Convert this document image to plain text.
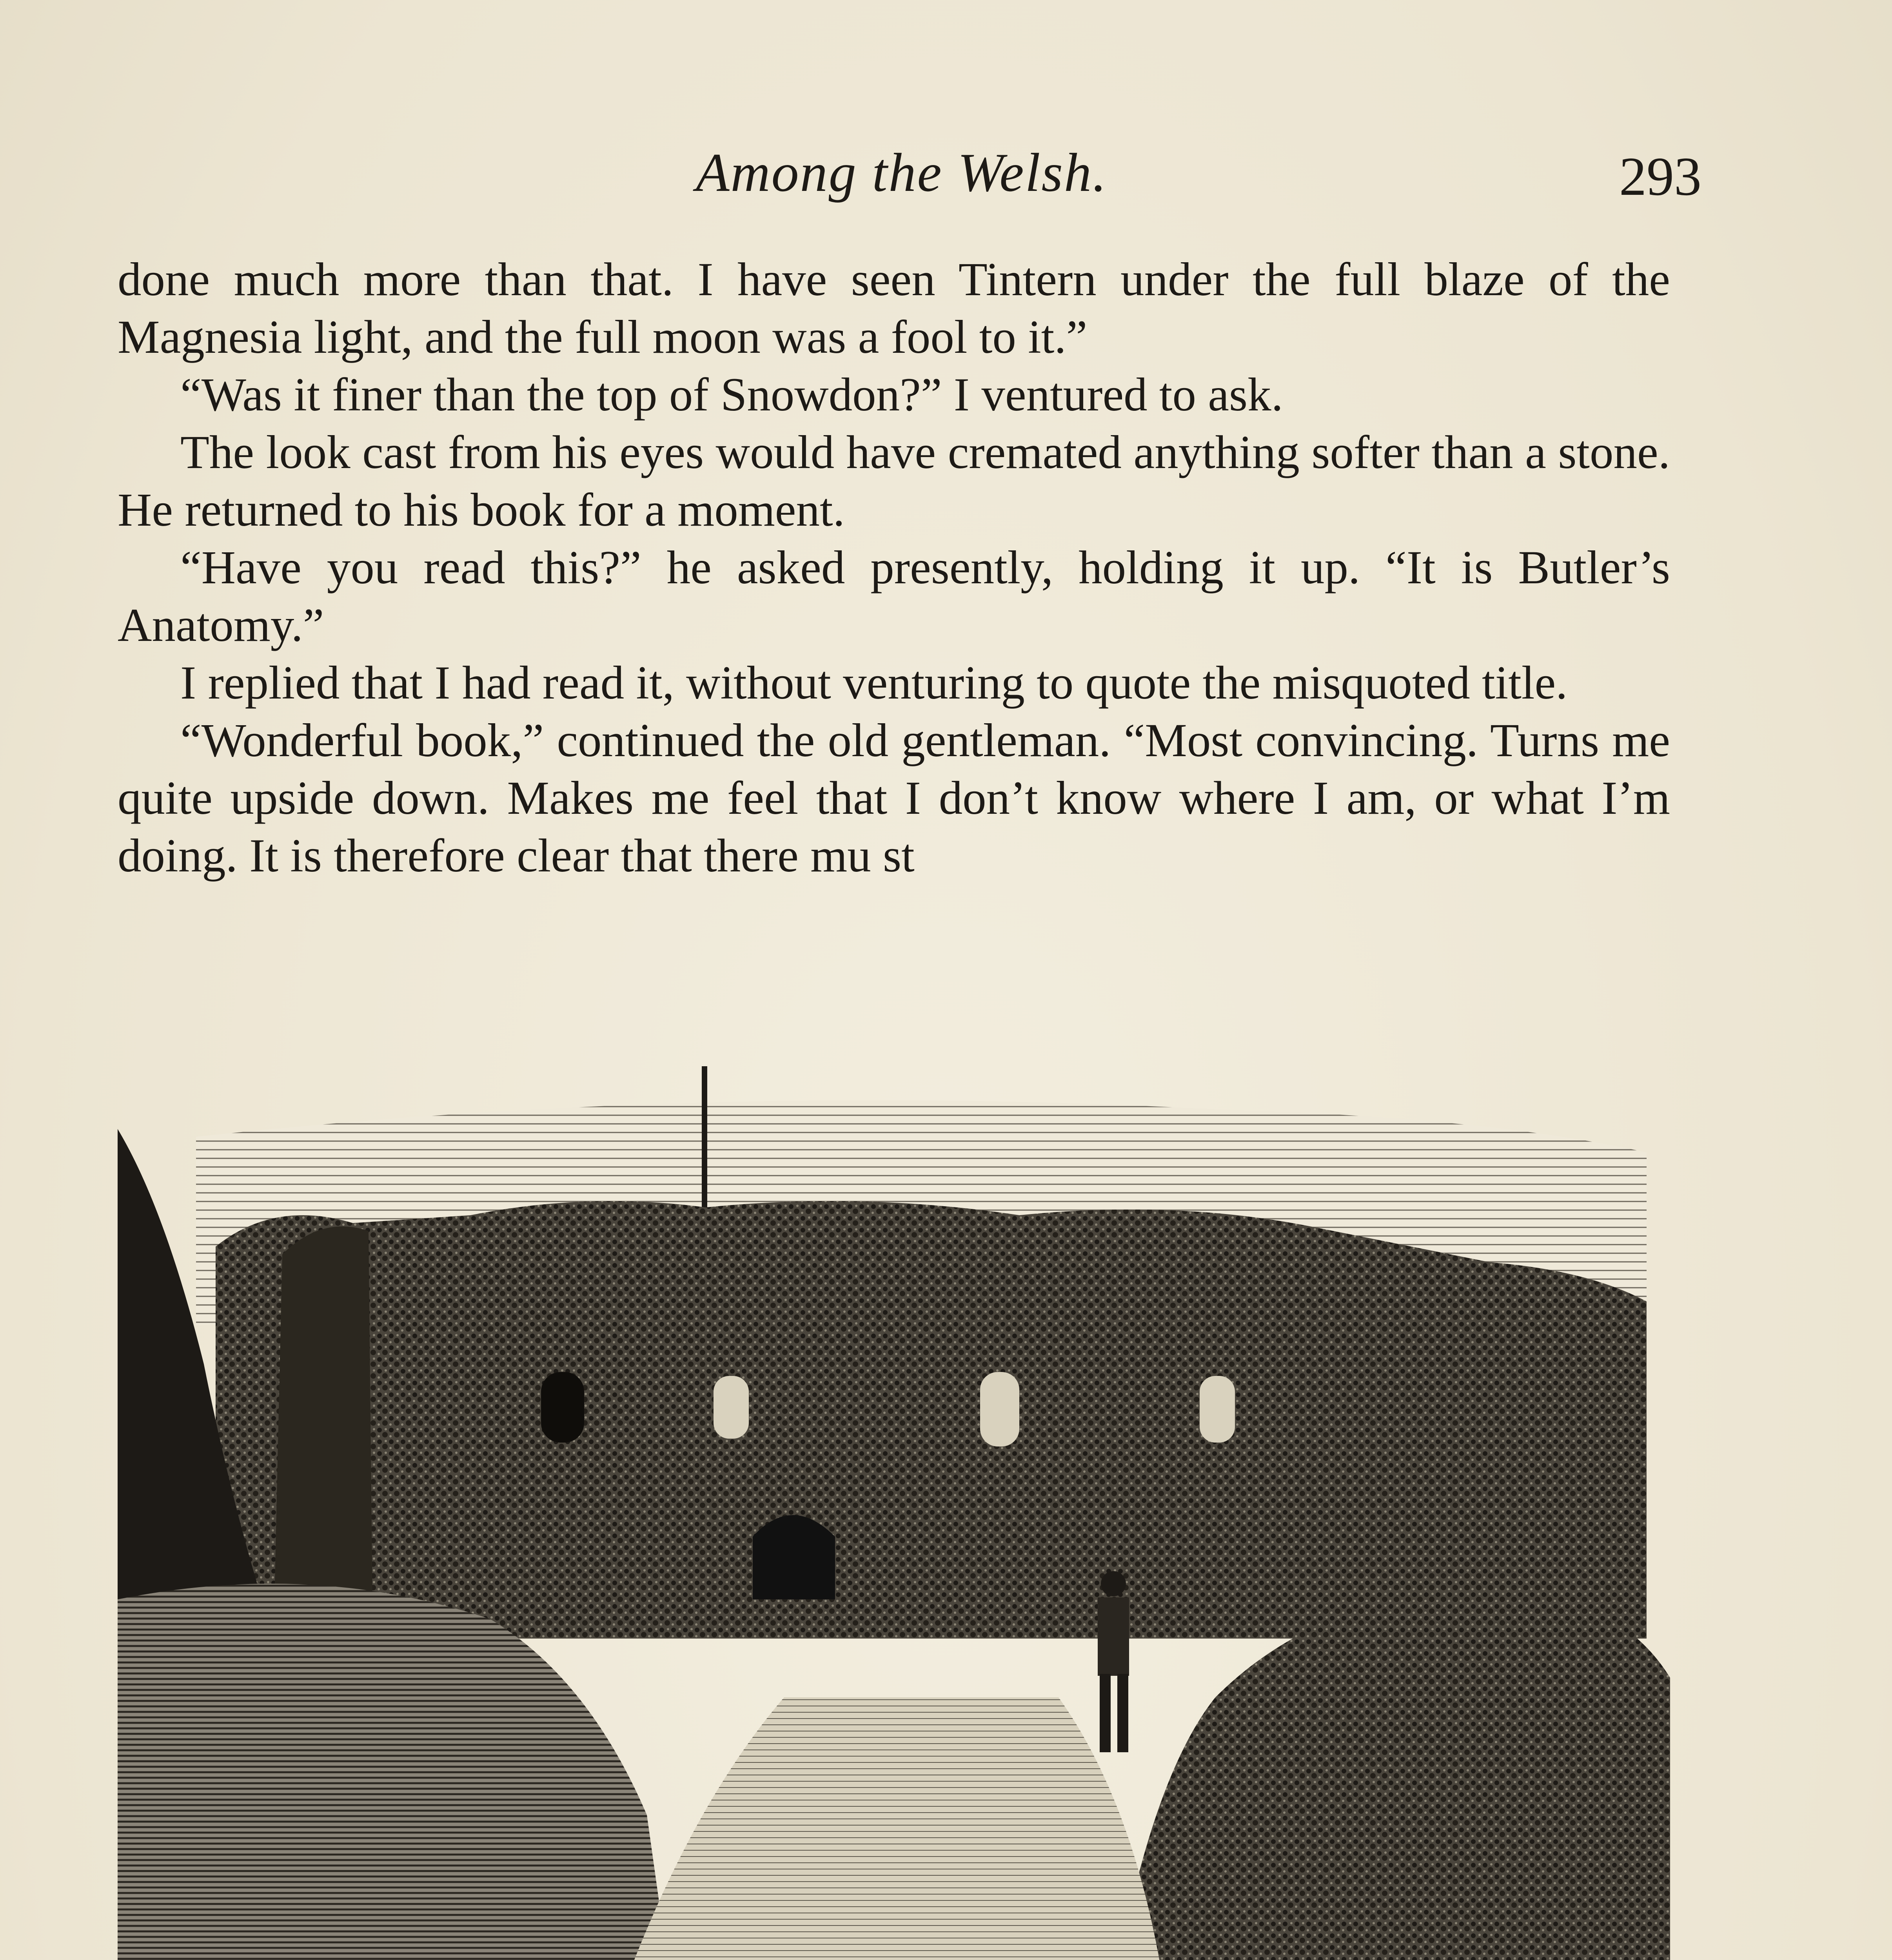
Among the Welsh.	293

done much more than that. I have seen Tintern under the full blaze of the Magnesia light, and the full moon was a fool to it.”

“Was it finer than the top of Snowdon?” I ventured to ask.

The look cast from his eyes would have cremated anything softer than a stone. He returned to his book for a moment.

“Have you read this?” he asked presently, holding it up. “It is Butler’s Anatomy.”

I replied that I had read it, without venturing to quote the misquoted title.

“Wonderful book,” continued the old gentleman. “Most convincing. Turns me quite upside down. Makes me feel that I don’t know where I am, or what I’m doing. It is therefore clear that there mu st
